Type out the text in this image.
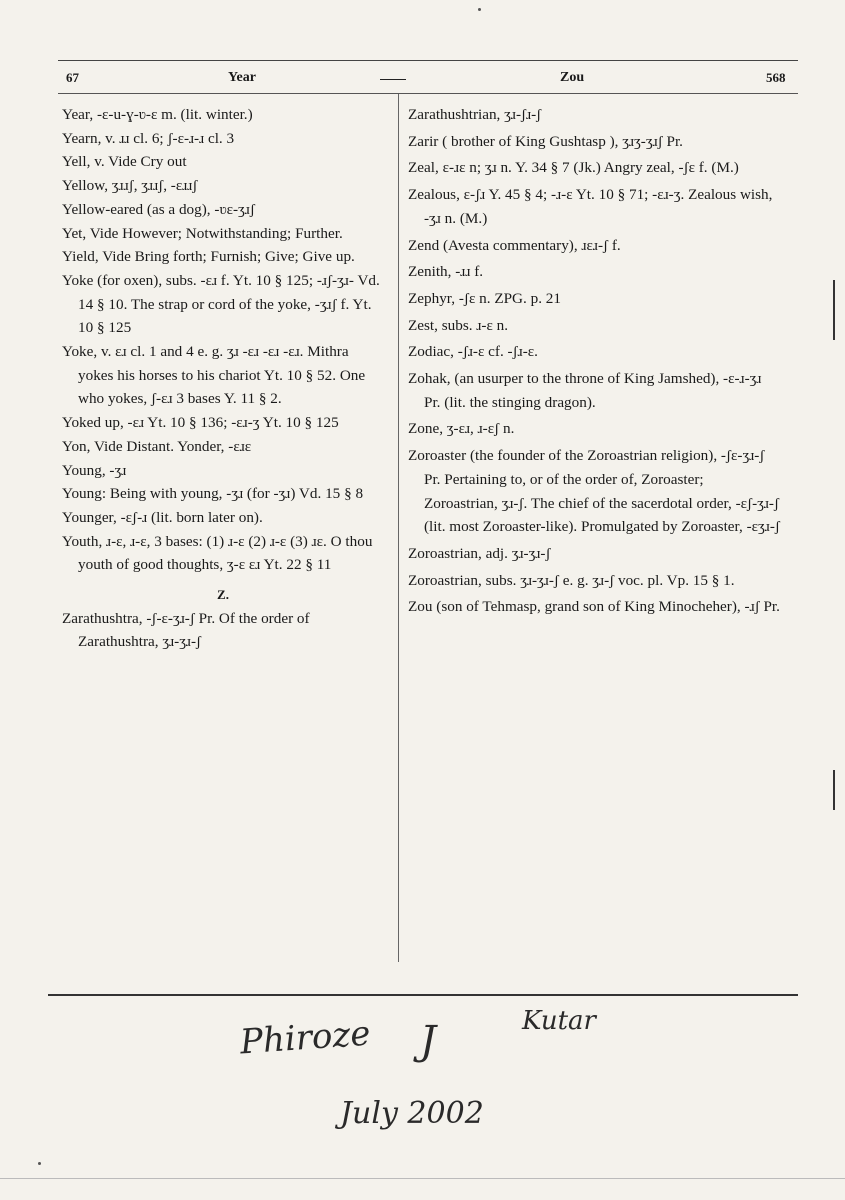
67	Year	Zou	568
Year, -ɛ-u-ɣ-ʋ-ɛ m. (lit. winter.)
Yearn, v. ɹɹ cl. 6; ʃ-ɛ-ɹ-ɹ cl. 3
Yell, v. Vide Cry out
Yellow, ʒɹɹʃ, ʒɹɹʃ, -ɛɹɹʃ
Yellow-eared (as a dog), -ʋɛ-ʒɹʃ
Yet, Vide However; Notwithstanding; Further.
Yield, Vide Bring forth; Furnish; Give; Give up.
Yoke (for oxen), subs. -ɛɹ f. Yt. 10 § 125; -ɹʃ-ʒɹ- Vd. 14 § 10. The strap or cord of the yoke, -ʒɹʃ f. Yt. 10 § 125
Yoke, v. ɛɹ cl. 1 and 4 e. g. ʒɹ -ɛɹ -ɛɹ -ɛɹ. Mithra yokes his horses to his chariot Yt. 10 § 52. One who yokes, ʃ-ɛɹ 3 bases Y. 11 § 2.
Yoked up, -ɛɹ Yt. 10 § 136; -ɛɹ-ʒ Yt. 10 § 125
Yon, Vide Distant. Yonder, -ɛɹɛ
Young, -ʒɹ
Young: Being with young, -ʒɹ (for -ʒɹ) Vd. 15 § 8
Younger, -ɛʃ-ɹ (lit. born later on).
Youth, ɹ-ɛ, ɹ-ɛ, 3 bases: (1) ɹ-ɛ (2) ɹ-ɛ (3) ɹɛ. O thou youth of good thoughts, ʒ-ɛ ɛɹ Yt. 22 § 11
Z.
Zarathushtra, -ʃ-ɛ-ʒɹ-ʃ Pr. Of the order of Zarathushtra, ʒɹ-ʒɹ-ʃ
Zarathushtrian, ʒɹ-ʃɹ-ʃ
Zarir ( brother of King Gushtasp ), ʒɹʒ-ʒɹʃ Pr.
Zeal, ɛ-ɹɛ n; ʒɹ n. Y. 34 § 7 (Jk.) Angry zeal, -ʃɛ f. (M.)
Zealous, ɛ-ʃɹ Y. 45 § 4; -ɹ-ɛ Yt. 10 § 71; -ɛɹ-ʒ. Zealous wish, -ʒɹ n. (M.)
Zend (Avesta commentary), ɹɛɹ-ʃ f.
Zenith, -ɹɹ f.
Zephyr, -ʃɛ n. ZPG. p. 21
Zest, subs. ɹ-ɛ n.
Zodiac, -ʃɹ-ɛ cf. -ʃɹ-ɛ.
Zohak, (an usurper to the throne of King Jamshed), -ɛ-ɹ-ʒɹ Pr. (lit. the stinging dragon).
Zone, ʒ-ɛɹ, ɹ-ɛʃ n.
Zoroaster (the founder of the Zoroastrian religion), -ʃɛ-ʒɹ-ʃ Pr. Pertaining to, or of the order of, Zoroaster; Zoroastrian, ʒɹ-ʃ. The chief of the sacerdotal order, -ɛʃ-ʒɹ-ʃ (lit. most Zoroaster-like). Promulgated by Zoroaster, -ɛʒɹ-ʃ
Zoroastrian, adj. ʒɹ-ʒɹ-ʃ
Zoroastrian, subs. ʒɹ-ʒɹ-ʃ e. g. ʒɹ-ʃ voc. pl. Vp. 15 § 1.
Zou (son of Tehmasp, grand son of King Minocheher), -ɹʃ Pr.
Phiroze J	Kutar
July 2002
